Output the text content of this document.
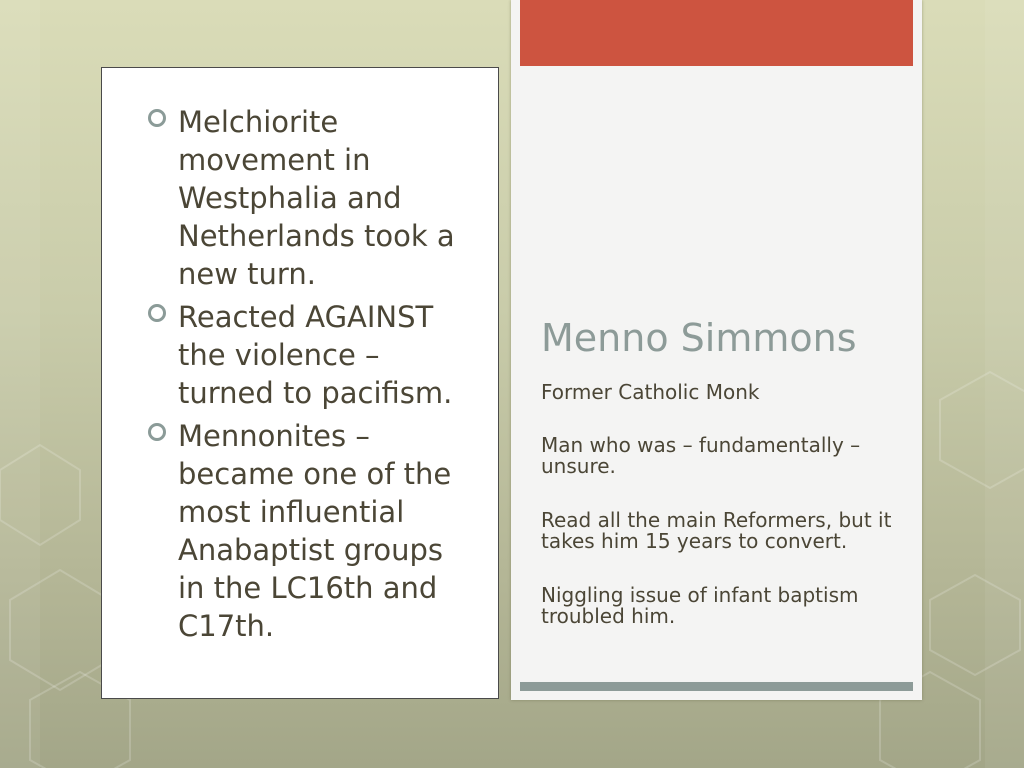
Melchiorite movement in Westphalia and Netherlands took a new turn.
Reacted AGAINST the violence – turned to pacifism.
Mennonites – became one of the most influential Anabaptist groups in the LC16th and C17th.
Menno Simmons

Former Catholic Monk

Man who was – fundamentally – unsure.

Read all the main Reformers, but it takes him 15 years to convert.

Niggling issue of infant baptism troubled him.
